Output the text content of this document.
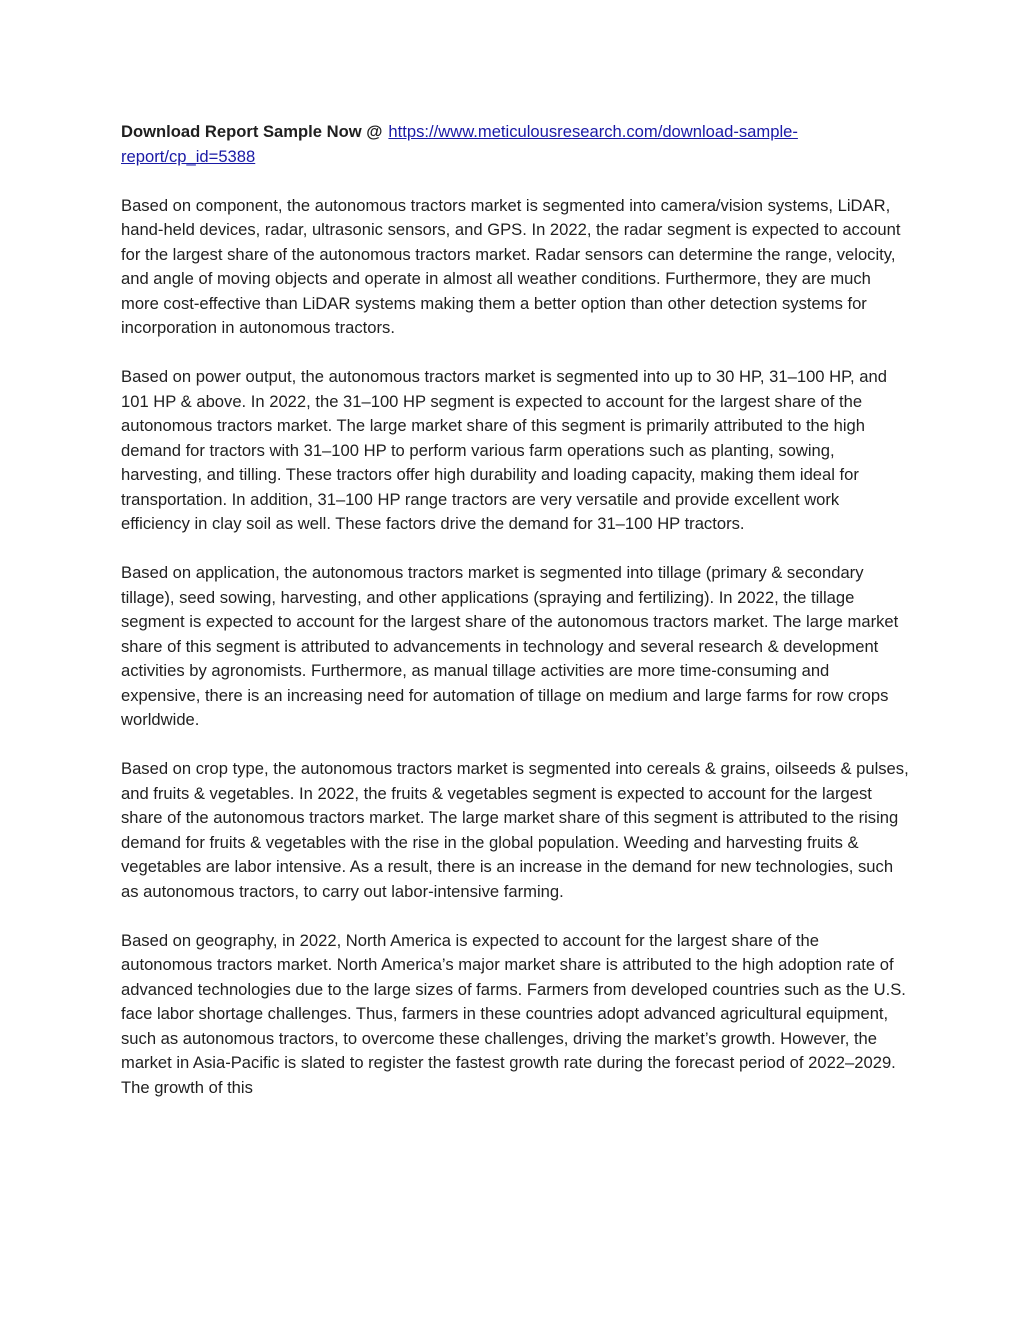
Download Report Sample Now @ https://www.meticulousresearch.com/download-sample-report/cp_id=5388

Based on component, the autonomous tractors market is segmented into camera/vision systems, LiDAR, hand-held devices, radar, ultrasonic sensors, and GPS. In 2022, the radar segment is expected to account for the largest share of the autonomous tractors market. Radar sensors can determine the range, velocity, and angle of moving objects and operate in almost all weather conditions. Furthermore, they are much more cost-effective than LiDAR systems making them a better option than other detection systems for incorporation in autonomous tractors.

Based on power output, the autonomous tractors market is segmented into up to 30 HP, 31–100 HP, and 101 HP & above. In 2022, the 31–100 HP segment is expected to account for the largest share of the autonomous tractors market. The large market share of this segment is primarily attributed to the high demand for tractors with 31–100 HP to perform various farm operations such as planting, sowing, harvesting, and tilling. These tractors offer high durability and loading capacity, making them ideal for transportation. In addition, 31–100 HP range tractors are very versatile and provide excellent work efficiency in clay soil as well. These factors drive the demand for 31–100 HP tractors.

Based on application, the autonomous tractors market is segmented into tillage (primary & secondary tillage), seed sowing, harvesting, and other applications (spraying and fertilizing). In 2022, the tillage segment is expected to account for the largest share of the autonomous tractors market. The large market share of this segment is attributed to advancements in technology and several research & development activities by agronomists. Furthermore, as manual tillage activities are more time-consuming and expensive, there is an increasing need for automation of tillage on medium and large farms for row crops worldwide.

Based on crop type, the autonomous tractors market is segmented into cereals & grains, oilseeds & pulses, and fruits & vegetables. In 2022, the fruits & vegetables segment is expected to account for the largest share of the autonomous tractors market. The large market share of this segment is attributed to the rising demand for fruits & vegetables with the rise in the global population. Weeding and harvesting fruits & vegetables are labor intensive. As a result, there is an increase in the demand for new technologies, such as autonomous tractors, to carry out labor-intensive farming.

Based on geography, in 2022, North America is expected to account for the largest share of the autonomous tractors market. North America’s major market share is attributed to the high adoption rate of advanced technologies due to the large sizes of farms. Farmers from developed countries such as the U.S. face labor shortage challenges. Thus, farmers in these countries adopt advanced agricultural equipment, such as autonomous tractors, to overcome these challenges, driving the market’s growth. However, the market in Asia-Pacific is slated to register the fastest growth rate during the forecast period of 2022–2029. The growth of this
